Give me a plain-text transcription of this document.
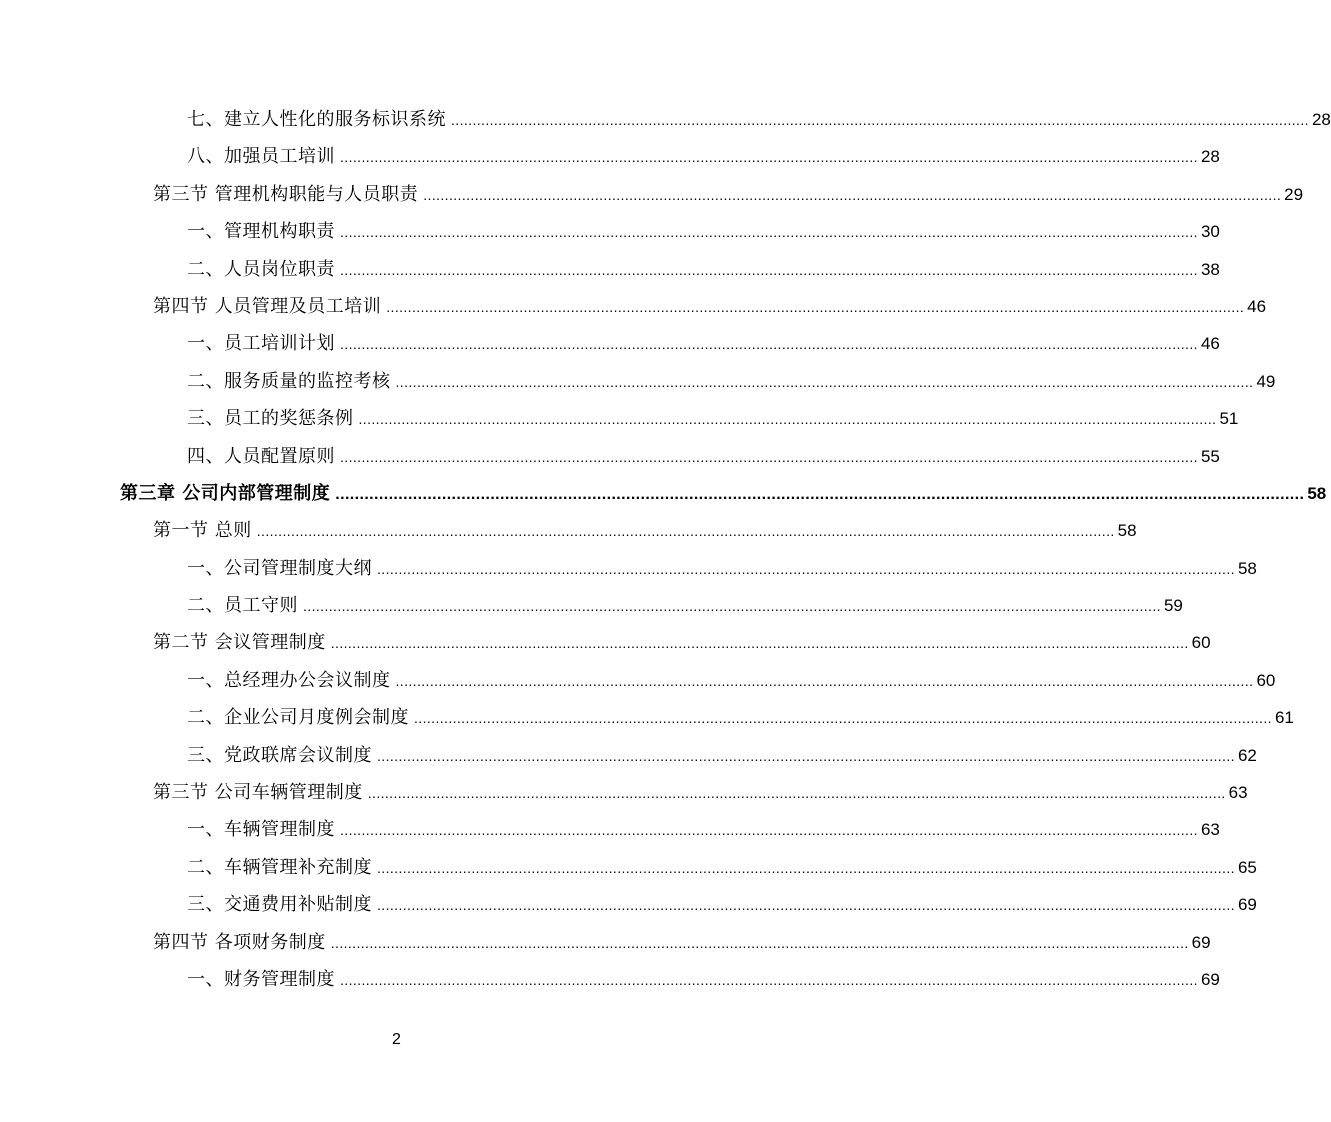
七、建立人性化的服务标识系统 ........................................................................................................................................................................................................ 28
八、加强员工培训 ........................................................................................................................................................................................................ 28
第三节 管理机构职能与人员职责 ........................................................................................................................................................................................................ 29
一、管理机构职责 ........................................................................................................................................................................................................ 30
二、人员岗位职责 ........................................................................................................................................................................................................ 38
第四节 人员管理及员工培训 ........................................................................................................................................................................................................ 46
一、员工培训计划 ........................................................................................................................................................................................................ 46
二、服务质量的监控考核 ........................................................................................................................................................................................................ 49
三、员工的奖惩条例 ........................................................................................................................................................................................................ 51
四、人员配置原则 ........................................................................................................................................................................................................ 55
第三章 公司内部管理制度 ........................................................................................................................................................................................................ 58
第一节 总则 ........................................................................................................................................................................................................ 58
一、公司管理制度大纲 ........................................................................................................................................................................................................ 58
二、员工守则 ........................................................................................................................................................................................................ 59
第二节 会议管理制度 ........................................................................................................................................................................................................ 60
一、总经理办公会议制度 ........................................................................................................................................................................................................ 60
二、企业公司月度例会制度 ........................................................................................................................................................................................................ 61
三、党政联席会议制度 ........................................................................................................................................................................................................ 62
第三节 公司车辆管理制度 ........................................................................................................................................................................................................ 63
一、车辆管理制度 ........................................................................................................................................................................................................ 63
二、车辆管理补充制度 ........................................................................................................................................................................................................ 65
三、交通费用补贴制度 ........................................................................................................................................................................................................ 69
第四节 各项财务制度 ........................................................................................................................................................................................................ 69
一、财务管理制度 ........................................................................................................................................................................................................ 69
2
